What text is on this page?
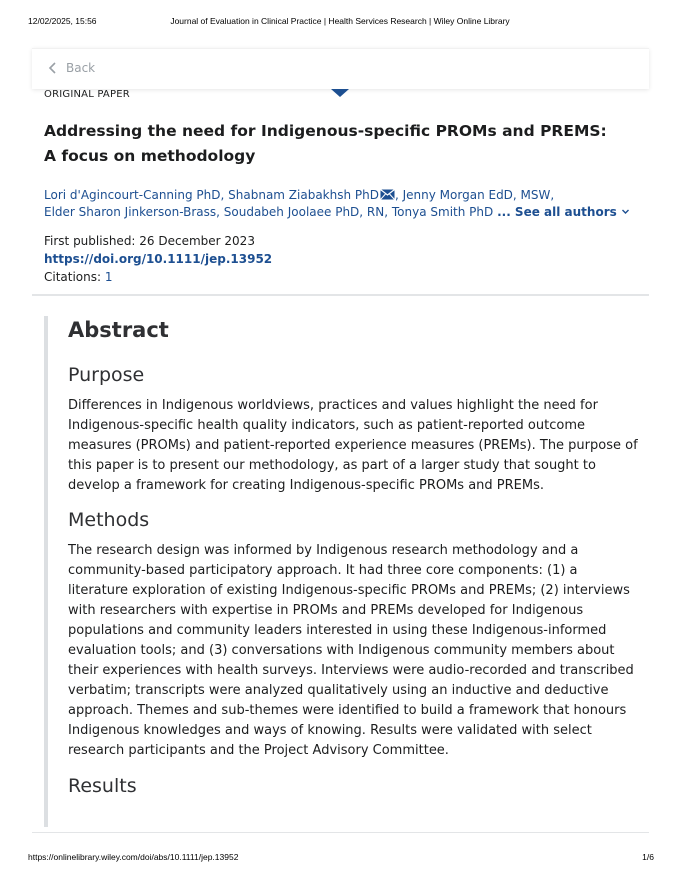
12/02/2025, 15:56	Journal of Evaluation in Clinical Practice | Health Services Research | Wiley Online Library
Back
ORIGINAL PAPER
Addressing the need for Indigenous-specific PROMs and PREMS: A focus on methodology
Lori d'Agincourt-Canning PhD, Shabnam Ziabakhsh PhD , Jenny Morgan EdD, MSW,
Elder Sharon Jinkerson-Brass, Soudabeh Joolaee PhD, RN, Tonya Smith PhD ... See all authors
First published: 26 December 2023
https://doi.org/10.1111/jep.13952
Citations: 1
Abstract
Purpose

Differences in Indigenous worldviews, practices and values highlight the need for Indigenous-specific health quality indicators, such as patient-reported outcome measures (PROMs) and patient-reported experience measures (PREMs). The purpose of this paper is to present our methodology, as part of a larger study that sought to develop a framework for creating Indigenous-specific PROMs and PREMs.

Methods

The research design was informed by Indigenous research methodology and a community-based participatory approach. It had three core components: (1) a literature exploration of existing Indigenous-specific PROMs and PREMs; (2) interviews with researchers with expertise in PROMs and PREMs developed for Indigenous populations and community leaders interested in using these Indigenous-informed evaluation tools; and (3) conversations with Indigenous community members about their experiences with health surveys. Interviews were audio-recorded and transcribed verbatim; transcripts were analyzed qualitatively using an inductive and deductive approach. Themes and sub-themes were identified to build a framework that honours Indigenous knowledges and ways of knowing. Results were validated with select research participants and the Project Advisory Committee.

Results
https://onlinelibrary.wiley.com/doi/abs/10.1111/jep.13952	1/6
